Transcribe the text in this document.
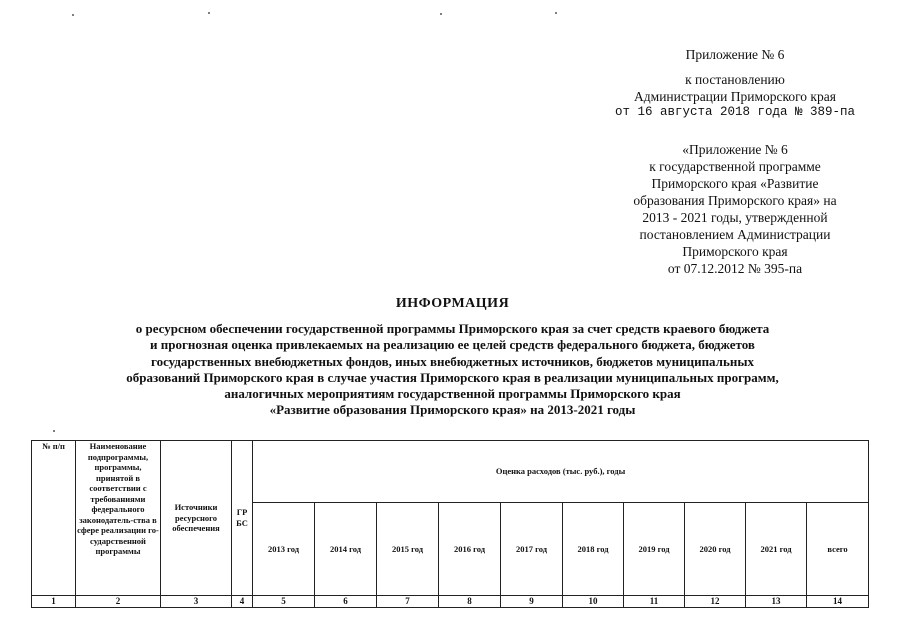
Приложение № 6
к постановлению
Администрации Приморского края
от 16 августа 2018 года № 389-па
«Приложение № 6
к государственной программе
Приморского края «Развитие
образования Приморского края» на
2013 - 2021 годы, утвержденной
постановлением Администрации
Приморского края
от 07.12.2012 № 395-па
ИНФОРМАЦИЯ
о ресурсном обеспечении государственной программы Приморского края за счет средств краевого бюджета
и прогнозная оценка привлекаемых на реализацию ее целей средств федерального бюджета, бюджетов
государственных внебюджетных фондов, иных внебюджетных источников, бюджетов муниципальных
образований Приморского края в случае участия Приморского края в реализации муниципальных программ,
аналогичных мероприятиям государственной программы Приморского края
«Развитие образования Приморского края» на 2013-2021 годы
№ п/п	Наименование подпрограммы, программы, принятой в соответствии с требованиями федерального законодатель-ства в сфере реализации го-сударственной программы	Источники ресурсного обеспечения	ГР БС	Оценка расходов (тыс. руб.), годы									
				2013 год	2014 год	2015 год	2016 год	2017 год	2018 год	2019 год	2020 год	2021 год	всего
1	2	3	4	5	6	7	8	9	10	11	12	13	14
